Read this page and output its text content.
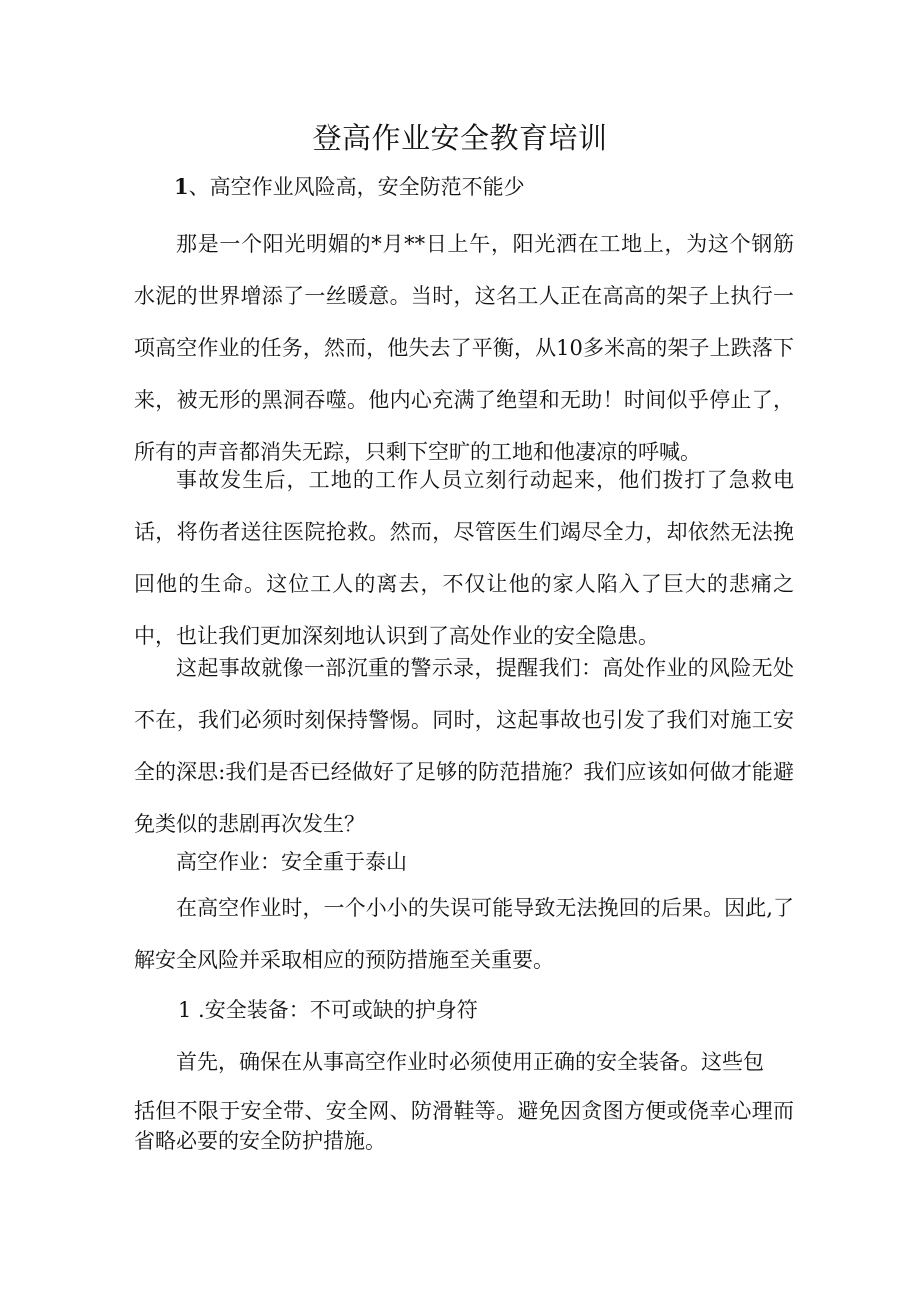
登高作业安全教育培训
1、高空作业风险高，安全防范不能少

那是一个阳光明媚的*月**日上午，阳光洒在工地上，为这个钢筋水泥的世界增添了一丝暖意。当时，这名工人正在高高的架子上执行一项高空作业的任务，然而，他失去了平衡，从10多米高的架子上跌落下来，被无形的黑洞吞噬。他内心充满了绝望和无助！时间似乎停止了，所有的声音都消失无踪，只剩下空旷的工地和他凄凉的呼喊。

事故发生后，工地的工作人员立刻行动起来，他们拨打了急救电话，将伤者送往医院抢救。然而，尽管医生们竭尽全力，却依然无法挽回他的生命。这位工人的离去，不仅让他的家人陷入了巨大的悲痛之中，也让我们更加深刻地认识到了高处作业的安全隐患。

这起事故就像一部沉重的警示录，提醒我们：高处作业的风险无处不在，我们必须时刻保持警惕。同时，这起事故也引发了我们对施工安全的深思:我们是否已经做好了足够的防范措施？我们应该如何做才能避免类似的悲剧再次发生？

高空作业：安全重于泰山

在高空作业时，一个小小的失误可能导致无法挽回的后果。因此,了解安全风险并采取相应的预防措施至关重要。

1 .安全装备：不可或缺的护身符
首先，确保在从事高空作业时必须使用正确的安全装备。这些包

括但不限于安全带、安全网、防滑鞋等。避免因贪图方便或侥幸心理而省略必要的安全防护措施。
